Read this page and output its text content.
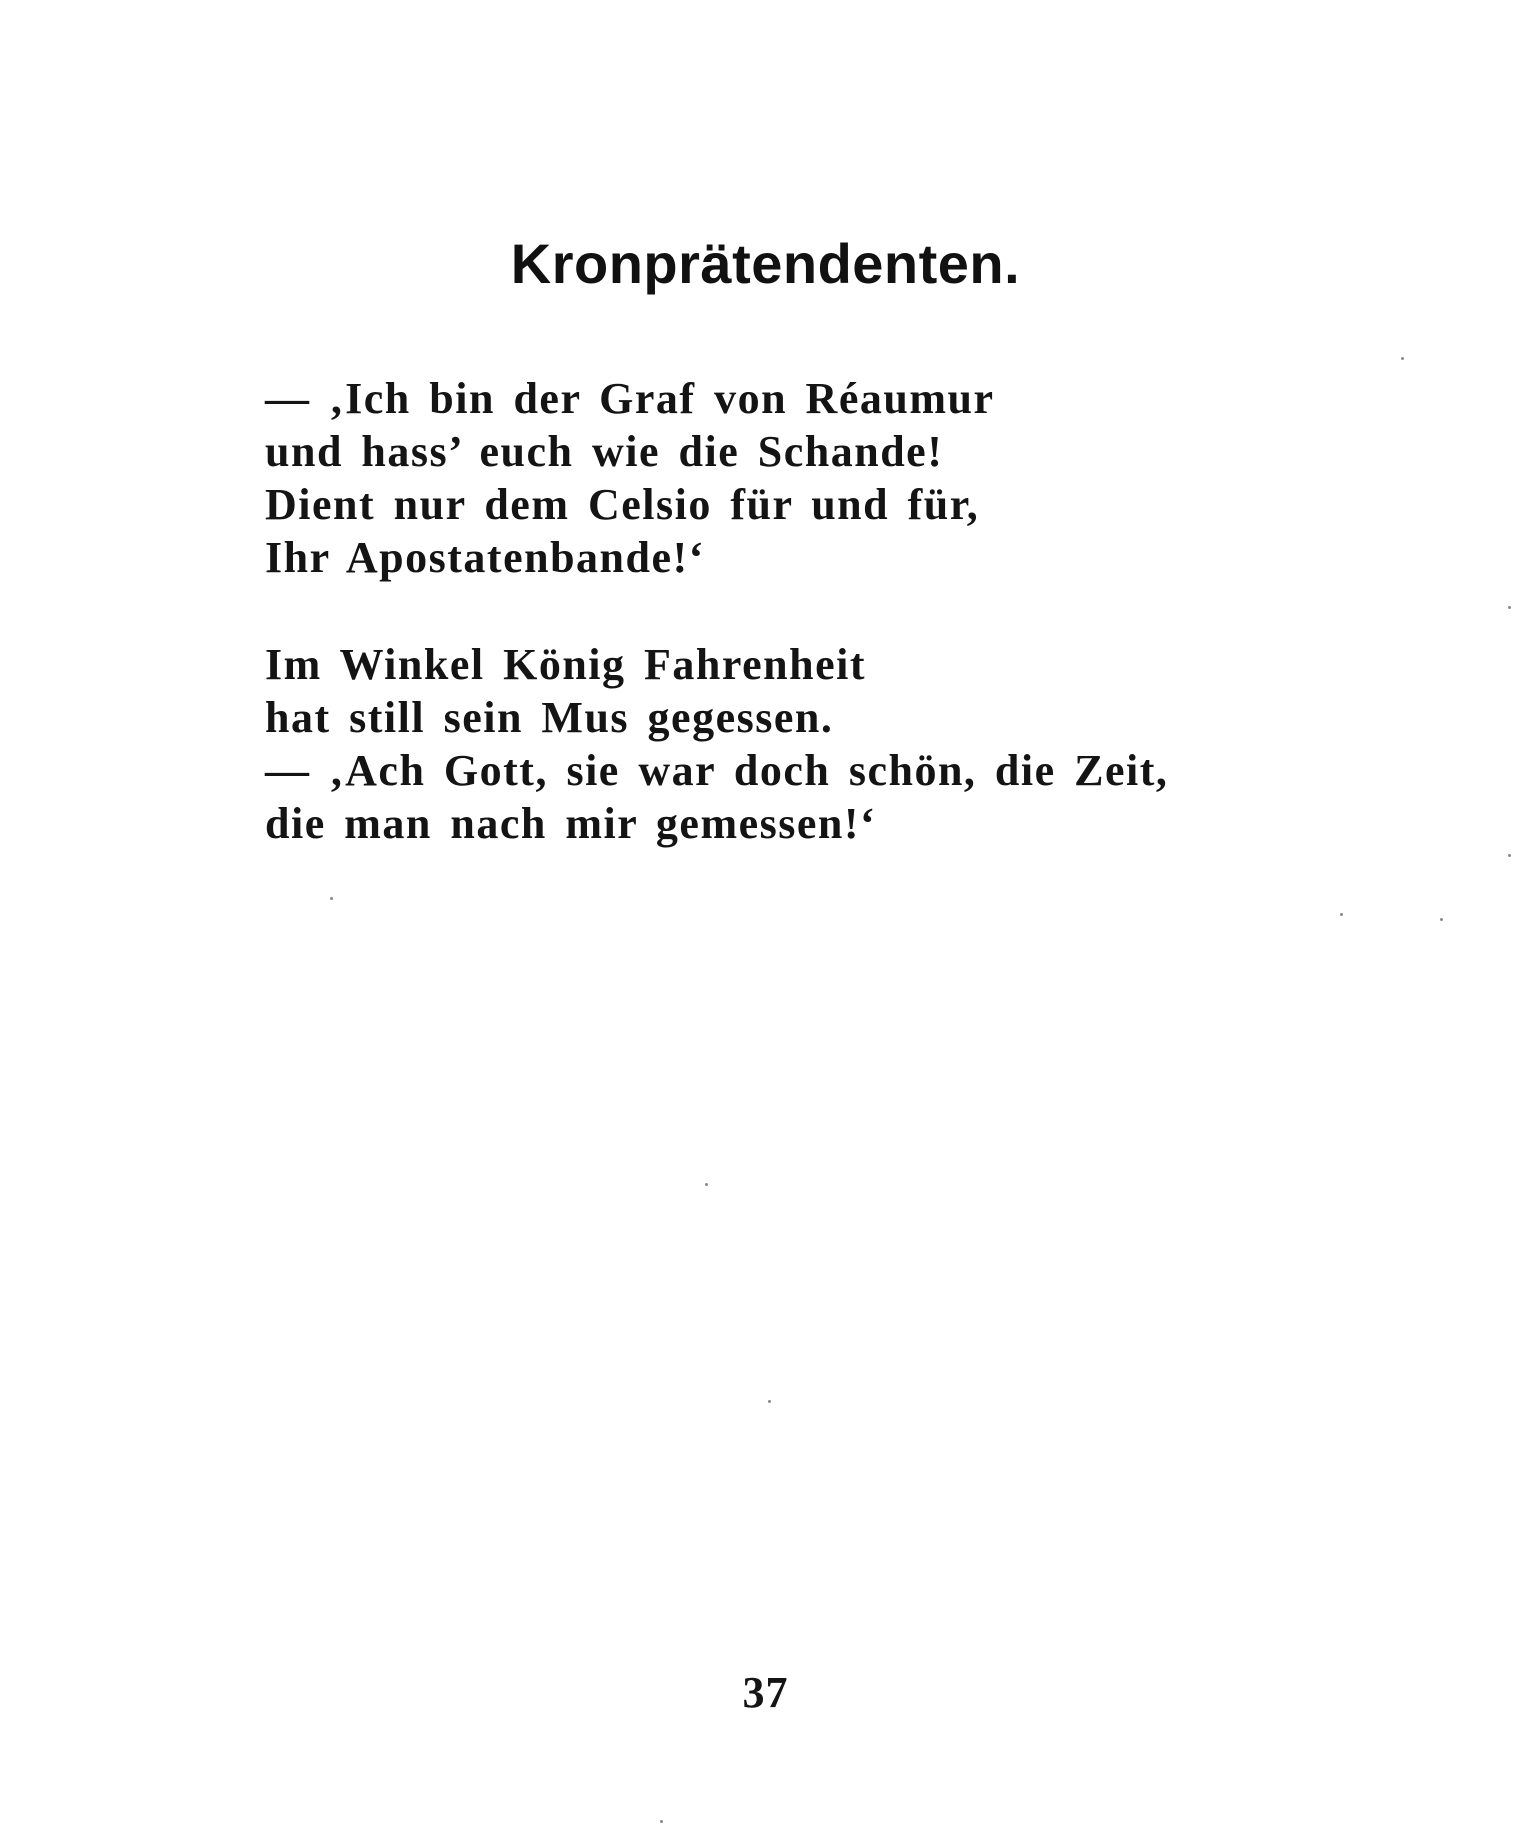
Kronprätendenten.
— ‚Ich bin der Graf von Réaumur
und hass’ euch wie die Schande!
Dient nur dem Celsio für und für,
Ihr Apostatenbande!‘
Im Winkel König Fahrenheit
hat still sein Mus gegessen.
— ‚Ach Gott, sie war doch schön, die Zeit,
die man nach mir gemessen!‘
37
